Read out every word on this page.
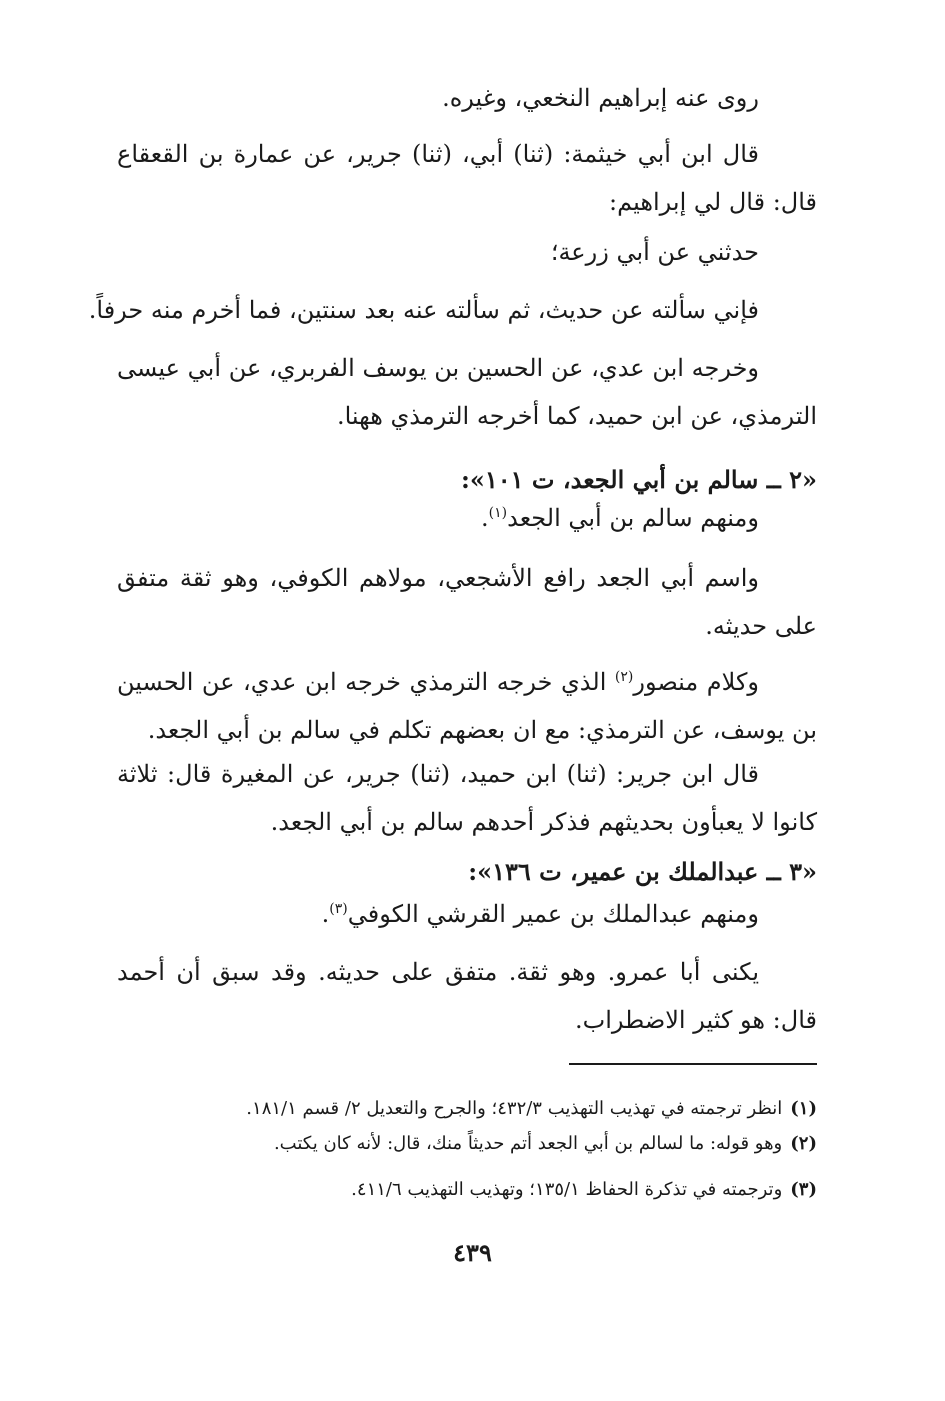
روى عنه إبراهيم النخعي، وغيره.
قال ابن أبي خيثمة: (ثنا) أبي، (ثنا) جرير، عن عمارة بن القعقاع قال: قال لي إبراهيم:
حدثني عن أبي زرعة؛
فإني سألته عن حديث، ثم سألته عنه بعد سنتين، فما أخرم منه حرفاً.
وخرجه ابن عدي، عن الحسين بن يوسف الفربري، عن أبي عيسى الترمذي، عن ابن حميد، كما أخرجه الترمذي ههنا.
«٢ ــ سالم بن أبي الجعد، ت ١٠١»:
ومنهم سالم بن أبي الجعد$^{(١)}$.
واسم أبي الجعد رافع الأشجعي، مولاهم الكوفي، وهو ثقة متفق على حديثه.
وكلام منصور$^{(٢)}$ الذي خرجه الترمذي خرجه ابن عدي، عن الحسين بن يوسف، عن الترمذي: مع ان بعضهم تكلم في سالم بن أبي الجعد.
قال ابن جرير: (ثنا) ابن حميد، (ثنا) جرير، عن المغيرة قال: ثلاثة كانوا لا يعبأون بحديثهم فذكر أحدهم سالم بن أبي الجعد.
«٣ ــ عبدالملك بن عمير، ت ١٣٦»:
ومنهم عبدالملك بن عمير القرشي الكوفي$^{(٣)}$.
يكنى أبا عمرو. وهو ثقة. متفق على حديثه. وقد سبق أن أحمد قال: هو كثير الاضطراب.
(١)انظر ترجمته في تهذيب التهذيب ٤٣٢/٣؛ والجرح والتعديل ٢/ قسم ١٨١/١.
(٢)وهو قوله: ما لسالم بن أبي الجعد أتم حديثاً منك، قال: لأنه كان يكتب.
(٣)وترجمته في تذكرة الحفاظ ١٣٥/١؛ وتهذيب التهذيب ٤١١/٦.
٤٣٩
